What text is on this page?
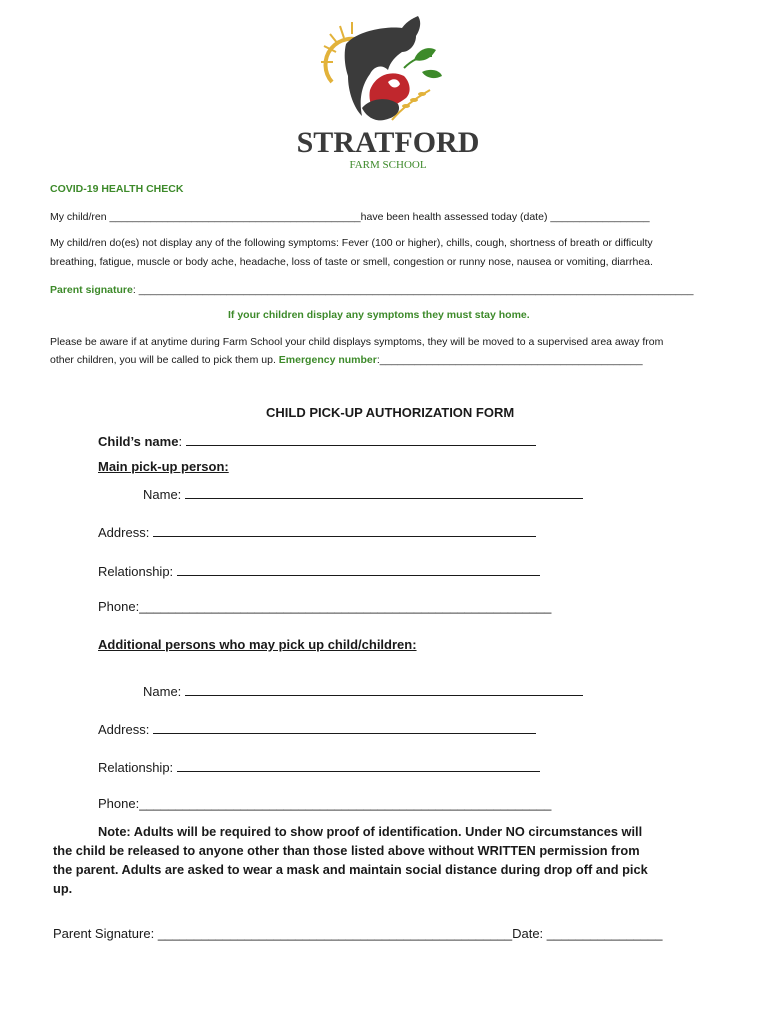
STRATFORD
FARM SCHOOL
COVID-19 HEALTH CHECK
My child/ren ___________________________________________have been health assessed today (date) _________________
My child/ren do(es) not display any of the following symptoms: Fever (100 or higher), chills, cough, shortness of breath or difficulty
breathing, fatigue, muscle or body ache, headache, loss of taste or smell, congestion or runny nose, nausea or vomiting, diarrhea.
Parent signature: _______________________________________________________________________________________________
If your children display any symptoms they must stay home.
Please be aware if at anytime during Farm School your child displays symptoms, they will be moved to a supervised area away from
other children, you will be called to pick them up. Emergency number:_____________________________________________
CHILD PICK-UP AUTHORIZATION FORM
Child’s name:
Main pick-up person:
Name:
Address:
Relationship:
Phone:_________________________________________________________
Additional persons who may pick up child/children:
Name:
Address:
Relationship:
Phone:_________________________________________________________
Note: Adults will be required to show proof of identification. Under NO circumstances will
the child be released to anyone other than those listed above without WRITTEN permission from
the parent. Adults are asked to wear a mask and maintain social distance during drop off and pick
up.
Parent Signature: _________________________________________________Date: ________________
